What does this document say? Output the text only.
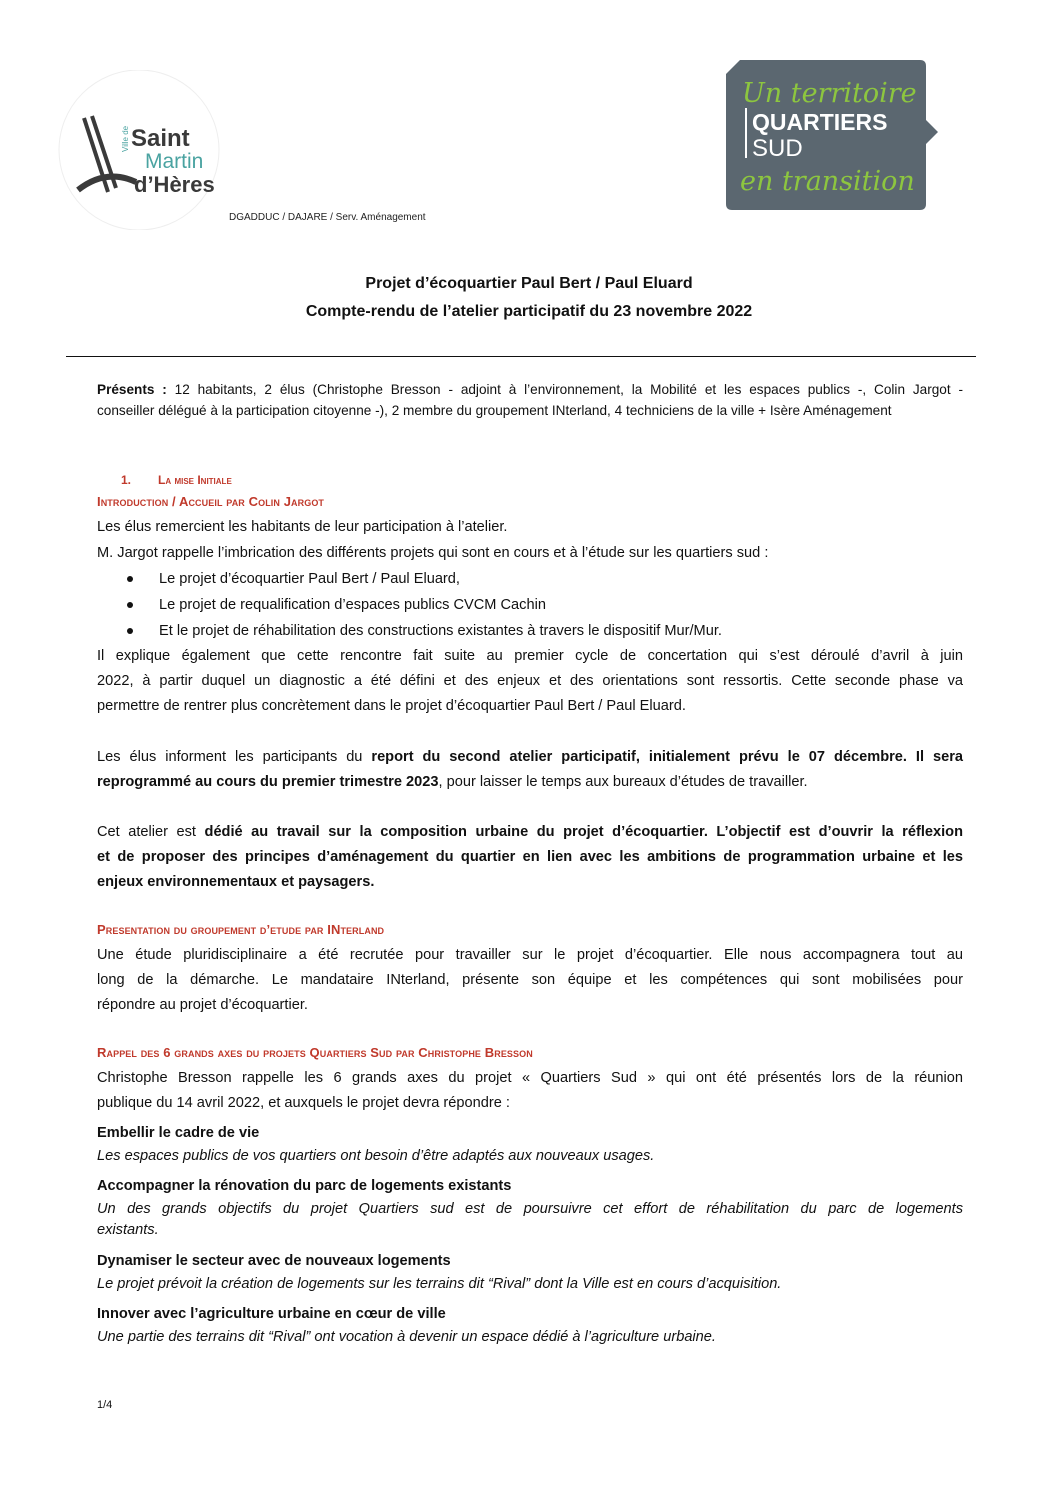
Ville de Saint
Martin
d’Hères
Un territoire
QUARTIERS
SUD
en transition
DGADDUC / DAJARE / Serv. Aménagement
Projet d’écoquartier Paul Bert / Paul Eluard
Compte-rendu de l’atelier participatif du 23 novembre 2022
Présents : 12 habitants, 2 élus (Christophe Bresson - adjoint à l’environnement, la Mobilité et les espaces publics -, Colin Jargot -
conseiller délégué à la participation citoyenne -), 2 membre du groupement INterland, 4 techniciens de la ville + Isère Aménagement
1. La mise Initiale
Introduction / Accueil par Colin Jargot
Les élus remercient les habitants de leur participation à l’atelier.
M. Jargot rappelle l’imbrication des différents projets qui sont en cours et à l’étude sur les quartiers sud :
Le projet d’écoquartier Paul Bert / Paul Eluard,
Le projet de requalification d’espaces publics CVCM Cachin
Et le projet de réhabilitation des constructions existantes à travers le dispositif Mur/Mur.
Il explique également que cette rencontre fait suite au premier cycle de concertation qui s’est déroulé d’avril à juin
2022, à partir duquel un diagnostic a été défini et des enjeux et des orientations sont ressortis. Cette seconde phase va
permettre de rentrer plus concrètement dans le projet d’écoquartier Paul Bert / Paul Eluard.
Les élus informent les participants du report du second atelier participatif, initialement prévu le 07 décembre. Il sera
reprogrammé au cours du premier trimestre 2023, pour laisser le temps aux bureaux d’études de travailler.
Cet atelier est dédié au travail sur la composition urbaine du projet d’écoquartier. L’objectif est d’ouvrir la réflexion
et de proposer des principes d’aménagement du quartier en lien avec les ambitions de programmation urbaine et les
enjeux environnementaux et paysagers.
Presentation du groupement d’etude par INterland
Une étude pluridisciplinaire a été recrutée pour travailler sur le projet d’écoquartier. Elle nous accompagnera tout au
long de la démarche. Le mandataire INterland, présente son équipe et les compétences qui sont mobilisées pour
répondre au projet d’écoquartier.
Rappel des 6 grands axes du projets Quartiers Sud par Christophe Bresson
Christophe Bresson rappelle les 6 grands axes du projet « Quartiers Sud » qui ont été présentés lors de la réunion
publique du 14 avril 2022, et auxquels le projet devra répondre :
Embellir le cadre de vie
Les espaces publics de vos quartiers ont besoin d’être adaptés aux nouveaux usages.
Accompagner la rénovation du parc de logements existants
Un des grands objectifs du projet Quartiers sud est de poursuivre cet effort de réhabilitation du parc de logements
existants.
Dynamiser le secteur avec de nouveaux logements
Le projet prévoit la création de logements sur les terrains dit “Rival” dont la Ville est en cours d’acquisition.
Innover avec l’agriculture urbaine en cœur de ville
Une partie des terrains dit “Rival” ont vocation à devenir un espace dédié à l’agriculture urbaine.
1/4
